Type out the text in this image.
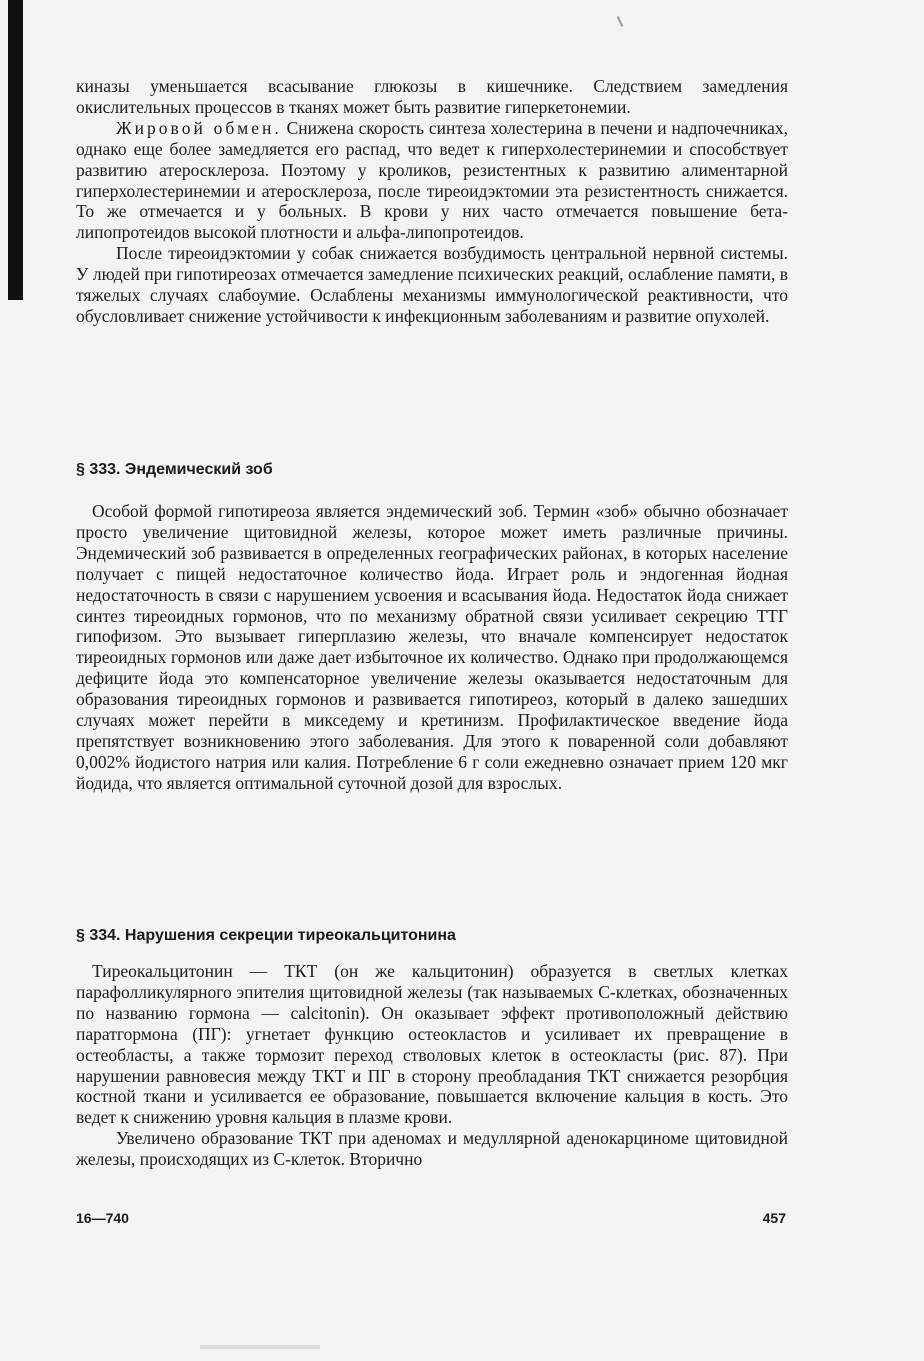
киназы уменьшается всасывание глюкозы в кишечнике. Следствием замедления окислительных процессов в тканях может быть развитие гиперкетонемии.

Жировой обмен. Снижена скорость синтеза холестерина в печени и надпочечниках, однако еще более замедляется его распад, что ведет к гиперхолестеринемии и способствует развитию атеросклероза. Поэтому у кроликов, резистентных к развитию алиментарной гиперхолестеринемии и атеросклероза, после тиреоидэктомии эта резистентность снижается. То же отмечается и у больных. В крови у них часто отмечается повышение бета-липопротеидов высокой плотности и альфа-липопротеидов.

После тиреоидэктомии у собак снижается возбудимость центральной нервной системы. У людей при гипотиреозах отмечается замедление психических реакций, ослабление памяти, в тяжелых случаях слабоумие. Ослаблены механизмы иммунологической реактивности, что обусловливает снижение устойчивости к инфекционным заболеваниям и развитие опухолей.

§ 333. Эндемический зоб

Особой формой гипотиреоза является эндемический зоб. Термин «зоб» обычно обозначает просто увеличение щитовидной железы, которое может иметь различные причины. Эндемический зоб развивается в определенных географических районах, в которых население получает с пищей недостаточное количество йода. Играет роль и эндогенная йодная недостаточность в связи с нарушением усвоения и всасывания йода. Недостаток йода снижает синтез тиреоидных гормонов, что по механизму обратной связи усиливает секрецию ТТГ гипофизом. Это вызывает гиперплазию железы, что вначале компенсирует недостаток тиреоидных гормонов или даже дает избыточное их количество. Однако при продолжающемся дефиците йода это компенсаторное увеличение железы оказывается недостаточным для образования тиреоидных гормонов и развивается гипотиреоз, который в далеко зашедших случаях может перейти в микседему и кретинизм. Профилактическое введение йода препятствует возникновению этого заболевания. Для этого к поваренной соли добавляют 0,002% йодистого натрия или калия. Потребление 6 г соли ежедневно означает прием 120 мкг йодида, что является оптимальной суточной дозой для взрослых.

§ 334. Нарушения секреции тиреокальцитонина

Тиреокальцитонин — ТКТ (он же кальцитонин) образуется в светлых клетках парафолликулярного эпителия щитовидной железы (так называемых С-клетках, обозначенных по названию гормона — calcitonin). Он оказывает эффект противоположный действию паратгормона (ПГ): угнетает функцию остеокластов и усиливает их превращение в остеобласты, а также тормозит переход стволовых клеток в остеокласты (рис. 87). При нарушении равновесия между ТКТ и ПГ в сторону преобладания ТКТ снижается резорбция костной ткани и усиливается ее образование, повышается включение кальция в кость. Это ведет к снижению уровня кальция в плазме крови.

Увеличено образование ТКТ при аденомах и медуллярной аденокарциноме щитовидной железы, происходящих из С-клеток. Вторично

16—740	457
